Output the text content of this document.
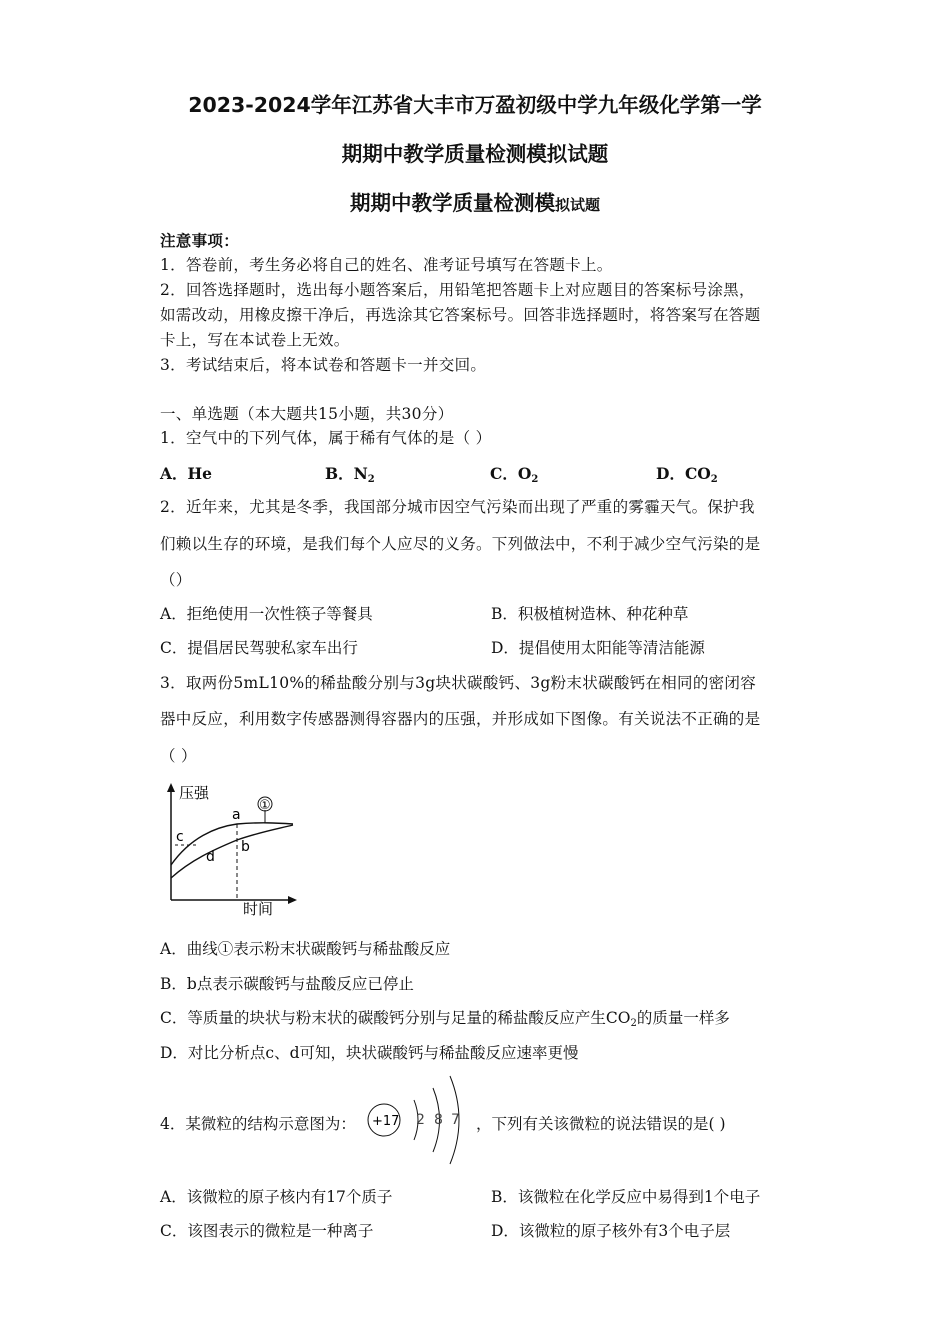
2023-2024学年江苏省大丰市万盈初级中学九年级化学第一学
期期中教学质量检测模拟试题
期期中教学质量检测模拟试题
注意事项：
1．答卷前，考生务必将自己的姓名、准考证号填写在答题卡上。
2．回答选择题时，选出每小题答案后，用铅笔把答题卡上对应题目的答案标号涂黑，
如需改动，用橡皮擦干净后，再选涂其它答案标号。回答非选择题时，将答案写在答题
卡上，写在本试卷上无效。
3．考试结束后，将本试卷和答题卡一并交回。
一、单选题（本大题共15小题，共30分）
1．空气中的下列气体，属于稀有气体的是（ ）
A．He	B．$N_2$	C．$O_2$	D．$CO_2$
2．近年来，尤其是冬季，我国部分城市因空气污染而出现了严重的雾霾天气。保护我
们赖以生存的环境，是我们每个人应尽的义务。下列做法中，不利于减少空气污染的是
（）
A．拒绝使用一次性筷子等餐具	B．积极植树造林、种花种草
C．提倡居民驾驶私家车出行	D．提倡使用太阳能等清洁能源
3．取两份5mL10%的稀盐酸分别与3g块状碳酸钙、3g粉末状碳酸钙在相同的密闭容
器中反应，利用数字传感器测得容器内的压强，并形成如下图像。有关说法不正确的是
（ ）
压强
时间
①
a
b
c
d
A．曲线①表示粉末状碳酸钙与稀盐酸反应
B．b点表示碳酸钙与盐酸反应已停止
C．等质量的块状与粉末状的碳酸钙分别与足量的稀盐酸反应产生$CO_2$的质量一样多
D．对比分析点c、d可知，块状碳酸钙与稀盐酸反应速率更慢
4．某微粒的结构示意图为： +17 2 8 7 ，下列有关该微粒的说法错误的是( )
A．该微粒的原子核内有17个质子	B．该微粒在化学反应中易得到1个电子
C．该图表示的微粒是一种离子	D．该微粒的原子核外有3个电子层
